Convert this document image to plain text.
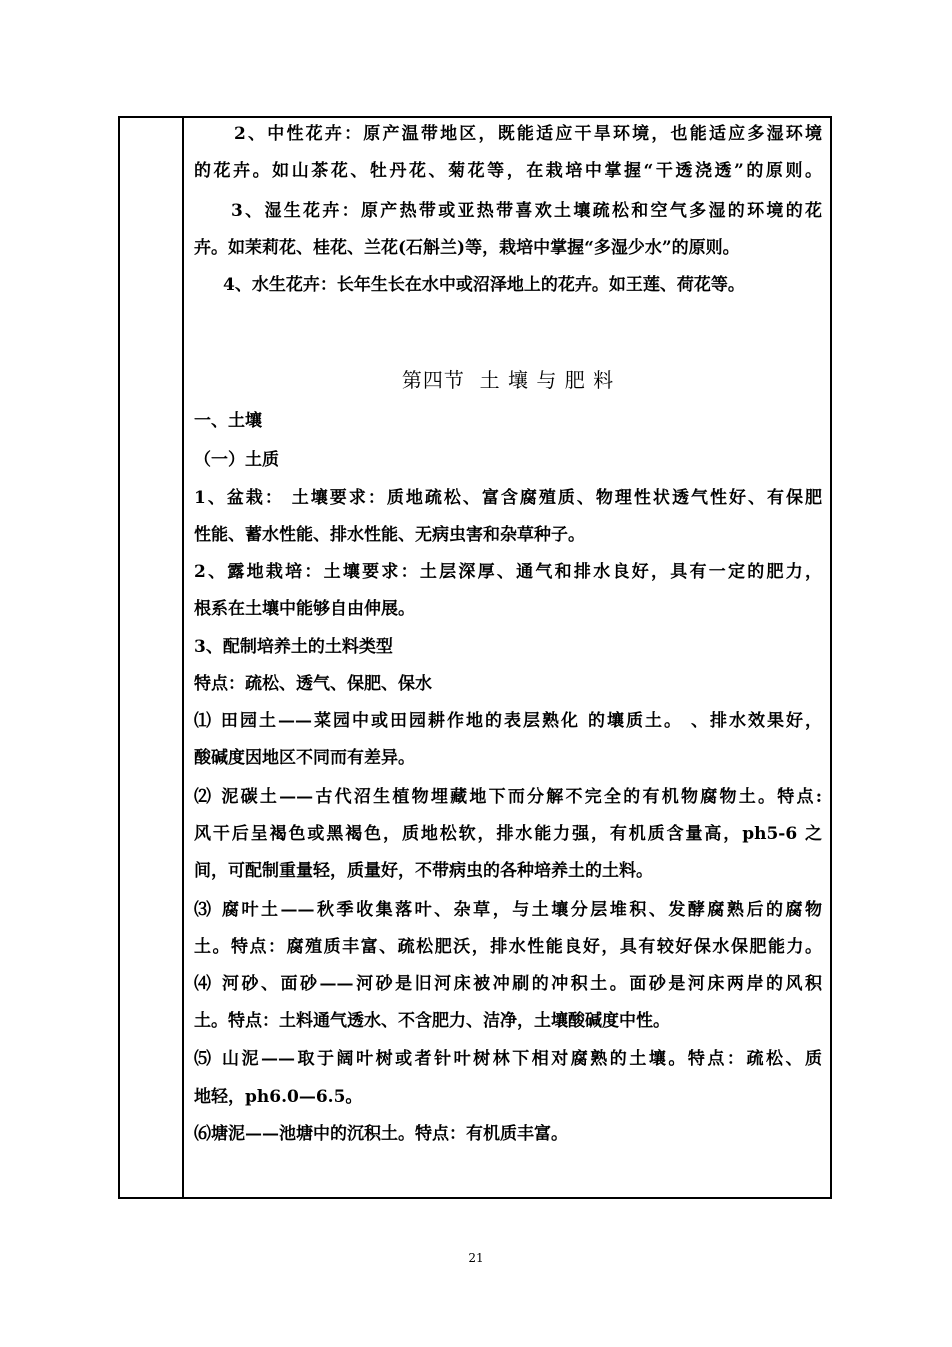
2、中性花卉：原产温带地区，既能适应干旱环境，也能适应多湿环境
的花卉。如山茶花、牡丹花、菊花等，在栽培中掌握“干透浇透”的原则。
3、湿生花卉：原产热带或亚热带喜欢土壤疏松和空气多湿的环境的花
卉。如茉莉花、桂花、兰花(石斛兰)等，栽培中掌握“多湿少水”的原则。
4、水生花卉：长年生长在水中或沼泽地上的花卉。如王莲、荷花等。
第四节  土 壤 与 肥 料
一、土壤
（一）土质
1、盆栽： 土壤要求：质地疏松、富含腐殖质、物理性状透气性好、有保肥
性能、蓄水性能、排水性能、无病虫害和杂草种子。
2、露地栽培：土壤要求：土层深厚、通气和排水良好，具有一定的肥力，
根系在土壤中能够自由伸展。
3、配制培养土的土料类型
特点：疏松、透气、保肥、保水
⑴ 田园土——菜园中或田园耕作地的表层熟化 的壤质土。 、排水效果好，
酸碱度因地区不同而有差异。
⑵ 泥碳土——古代沼生植物埋藏地下而分解不完全的有机物腐物土。特点:
风干后呈褐色或黑褐色，质地松软，排水能力强，有机质含量高，ph5-6 之
间，可配制重量轻，质量好，不带病虫的各种培养土的土料。
⑶ 腐叶土——秋季收集落叶、杂草，与土壤分层堆积、发酵腐熟后的腐物
土。特点：腐殖质丰富、疏松肥沃，排水性能良好，具有较好保水保肥能力。
⑷ 河砂、面砂——河砂是旧河床被冲刷的冲积土。面砂是河床两岸的风积
土。特点：土料通气透水、不含肥力、洁净，土壤酸碱度中性。
⑸ 山泥——取于阔叶树或者针叶树林下相对腐熟的土壤。特点：疏松、质
地轻，ph6.0—6.5。
⑹塘泥——池塘中的沉积土。特点：有机质丰富。
21
